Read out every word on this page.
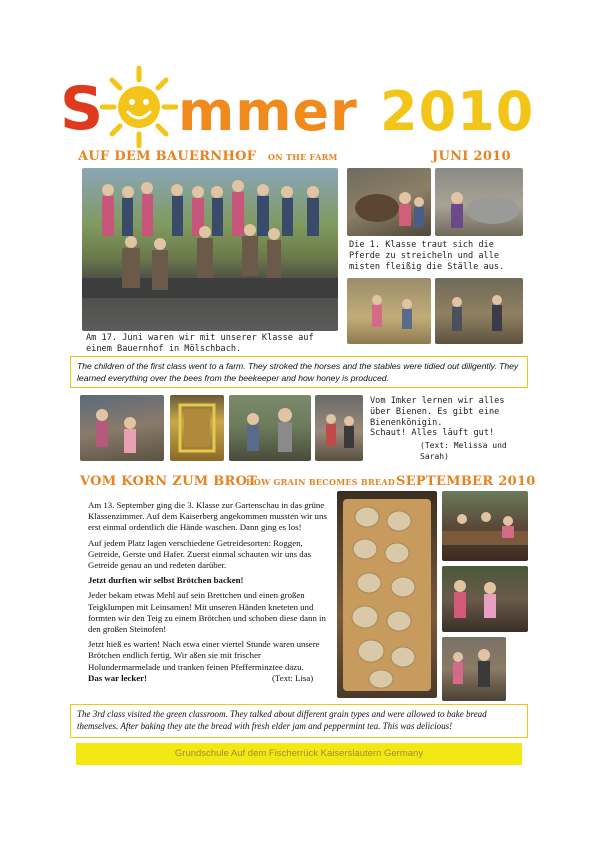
S mmer 2010
AUF DEM BAUERNHOF ON THE FARM	JUNI 2010
Am 17. Juni waren wir mit unserer Klasse auf einem Bauernhof in Mölschbach.
Die 1. Klasse traut sich die Pferde zu streicheln und alle misten fleißig die Ställe aus.
The children of the first class went to a farm. They stroked the horses and the stables were tidied out diligently. They learned everything over the bees from the beekeeper and how honey is produced.
Vom Imker lernen wir alles über Bienen. Es gibt eine Bienenkönigin.
Schaut! Alles läuft gut!
(Text: Melissa und Sarah)
VOM KORN ZUM BROT
HOW GRAIN BECOMES BREAD SEPTEMBER 2010

Am 13. September ging die 3. Klasse zur Gartenschau in das grüne Klassenzimmer. Auf dem Kaiserberg angekommen mussten wir uns erst einmal ordentlich die Hände waschen. Dann ging es los!

Auf jedem Platz lagen verschiedene Getreidesorten: Roggen, Getreide, Gerste und Hafer. Zuerst einmal schauten wir uns das Getreide genau an und redeten darüber.

Jetzt durften wir selbst Brötchen backen!

Jeder bekam etwas Mehl auf sein Brettchen und einen großen Teigklumpen mit Leinsamen! Mit unseren Händen kneteten und formten wir den Teig zu einem Brötchen und schoben diese dann in den großen Steinofen!

Jetzt hieß es warten! Nach etwa einer viertel Stunde waren unsere Brötchen endlich fertig. Wir aßen sie mit frischer Holundermarmelade und tranken feinen Pfefferminztee dazu.

Das war lecker!	(Text: Lisa)
The 3rd class visited the green classroom. They talked about different grain types and were allowed to bake bread themselves. After baking they ate the bread with fresh elder jam and peppermint tea. This was delicious!
Grundschule Auf dem Fischerrück Kaiserslautern Germany
